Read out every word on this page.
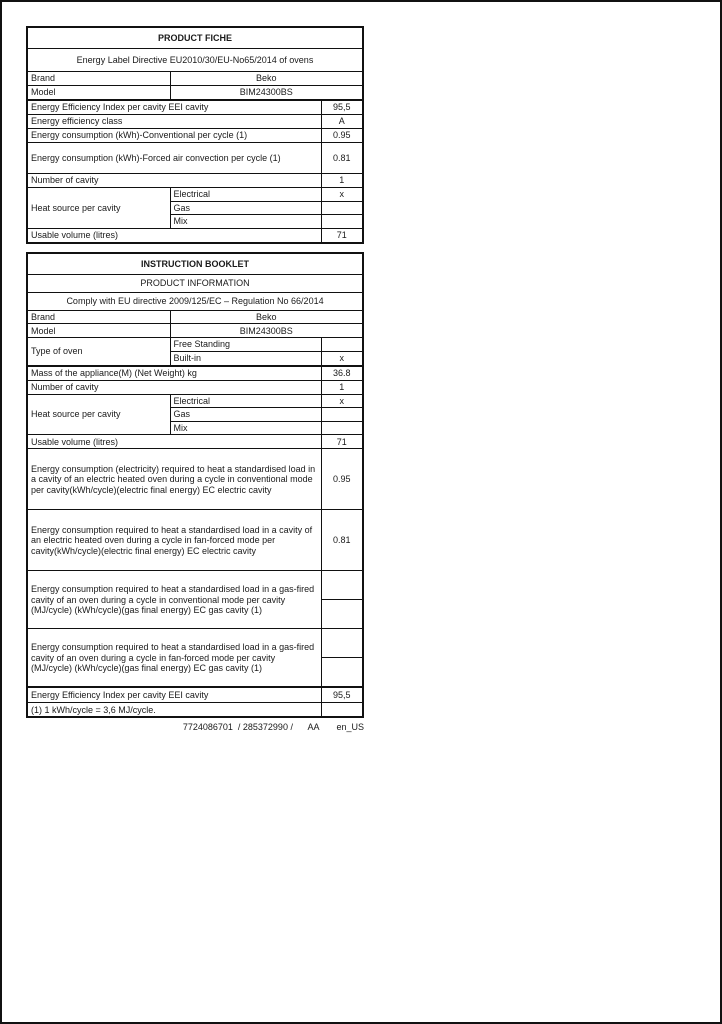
PRODUCT FICHE		
Energy Label Directive EU2010/30/EU-No65/2014 of ovens		
Brand	Beko	
Model	BIM24300BS	
Energy Efficiency Index per cavity EEI cavity		95,5
Energy efficiency class		A
Energy consumption (kWh)-Conventional per cycle (1)		0.95
Energy consumption (kWh)-Forced air convection per cycle (1)		0.81
Number of cavity		1
Heat source per cavity	Electrical	x
	Gas	
	Mix	
Usable volume (litres)		71
INSTRUCTION BOOKLET		
PRODUCT INFORMATION		
Comply with EU directive 2009/125/EC – Regulation No 66/2014		
Brand	Beko	
Model	BIM24300BS	
Type of oven	Free Standing	
	Built-in	x
Mass of the appliance(M) (Net Weight) kg		36.8
Number of cavity		1
Heat source per cavity	Electrical	x
	Gas	
	Mix	
Usable volume (litres)		71
Energy consumption (electricity) required to heat a standardised load in a cavity of an electric heated oven during a cycle in conventional mode per cavity(kWh/cycle)(electric final energy) EC electric cavity		0.95
Energy consumption required to heat a standardised load in a cavity of an electric heated oven during a cycle in fan-forced mode per cavity(kWh/cycle)(electric final energy) EC electric cavity		0.81
Energy consumption required to heat a standardised load in a gas-fired cavity of an oven during a cycle in conventional mode per cavity (MJ/cycle) (kWh/cycle)(gas final energy) EC gas cavity (1)		

Energy consumption required to heat a standardised load in a gas-fired cavity of an oven during a cycle in fan-forced mode per cavity (MJ/cycle) (kWh/cycle)(gas final energy) EC gas cavity (1)		

Energy Efficiency Index per cavity EEI cavity		95,5
(1) 1 kWh/cycle = 3,6 MJ/cycle.		
7724086701  / 285372990 /      AA       en_US
